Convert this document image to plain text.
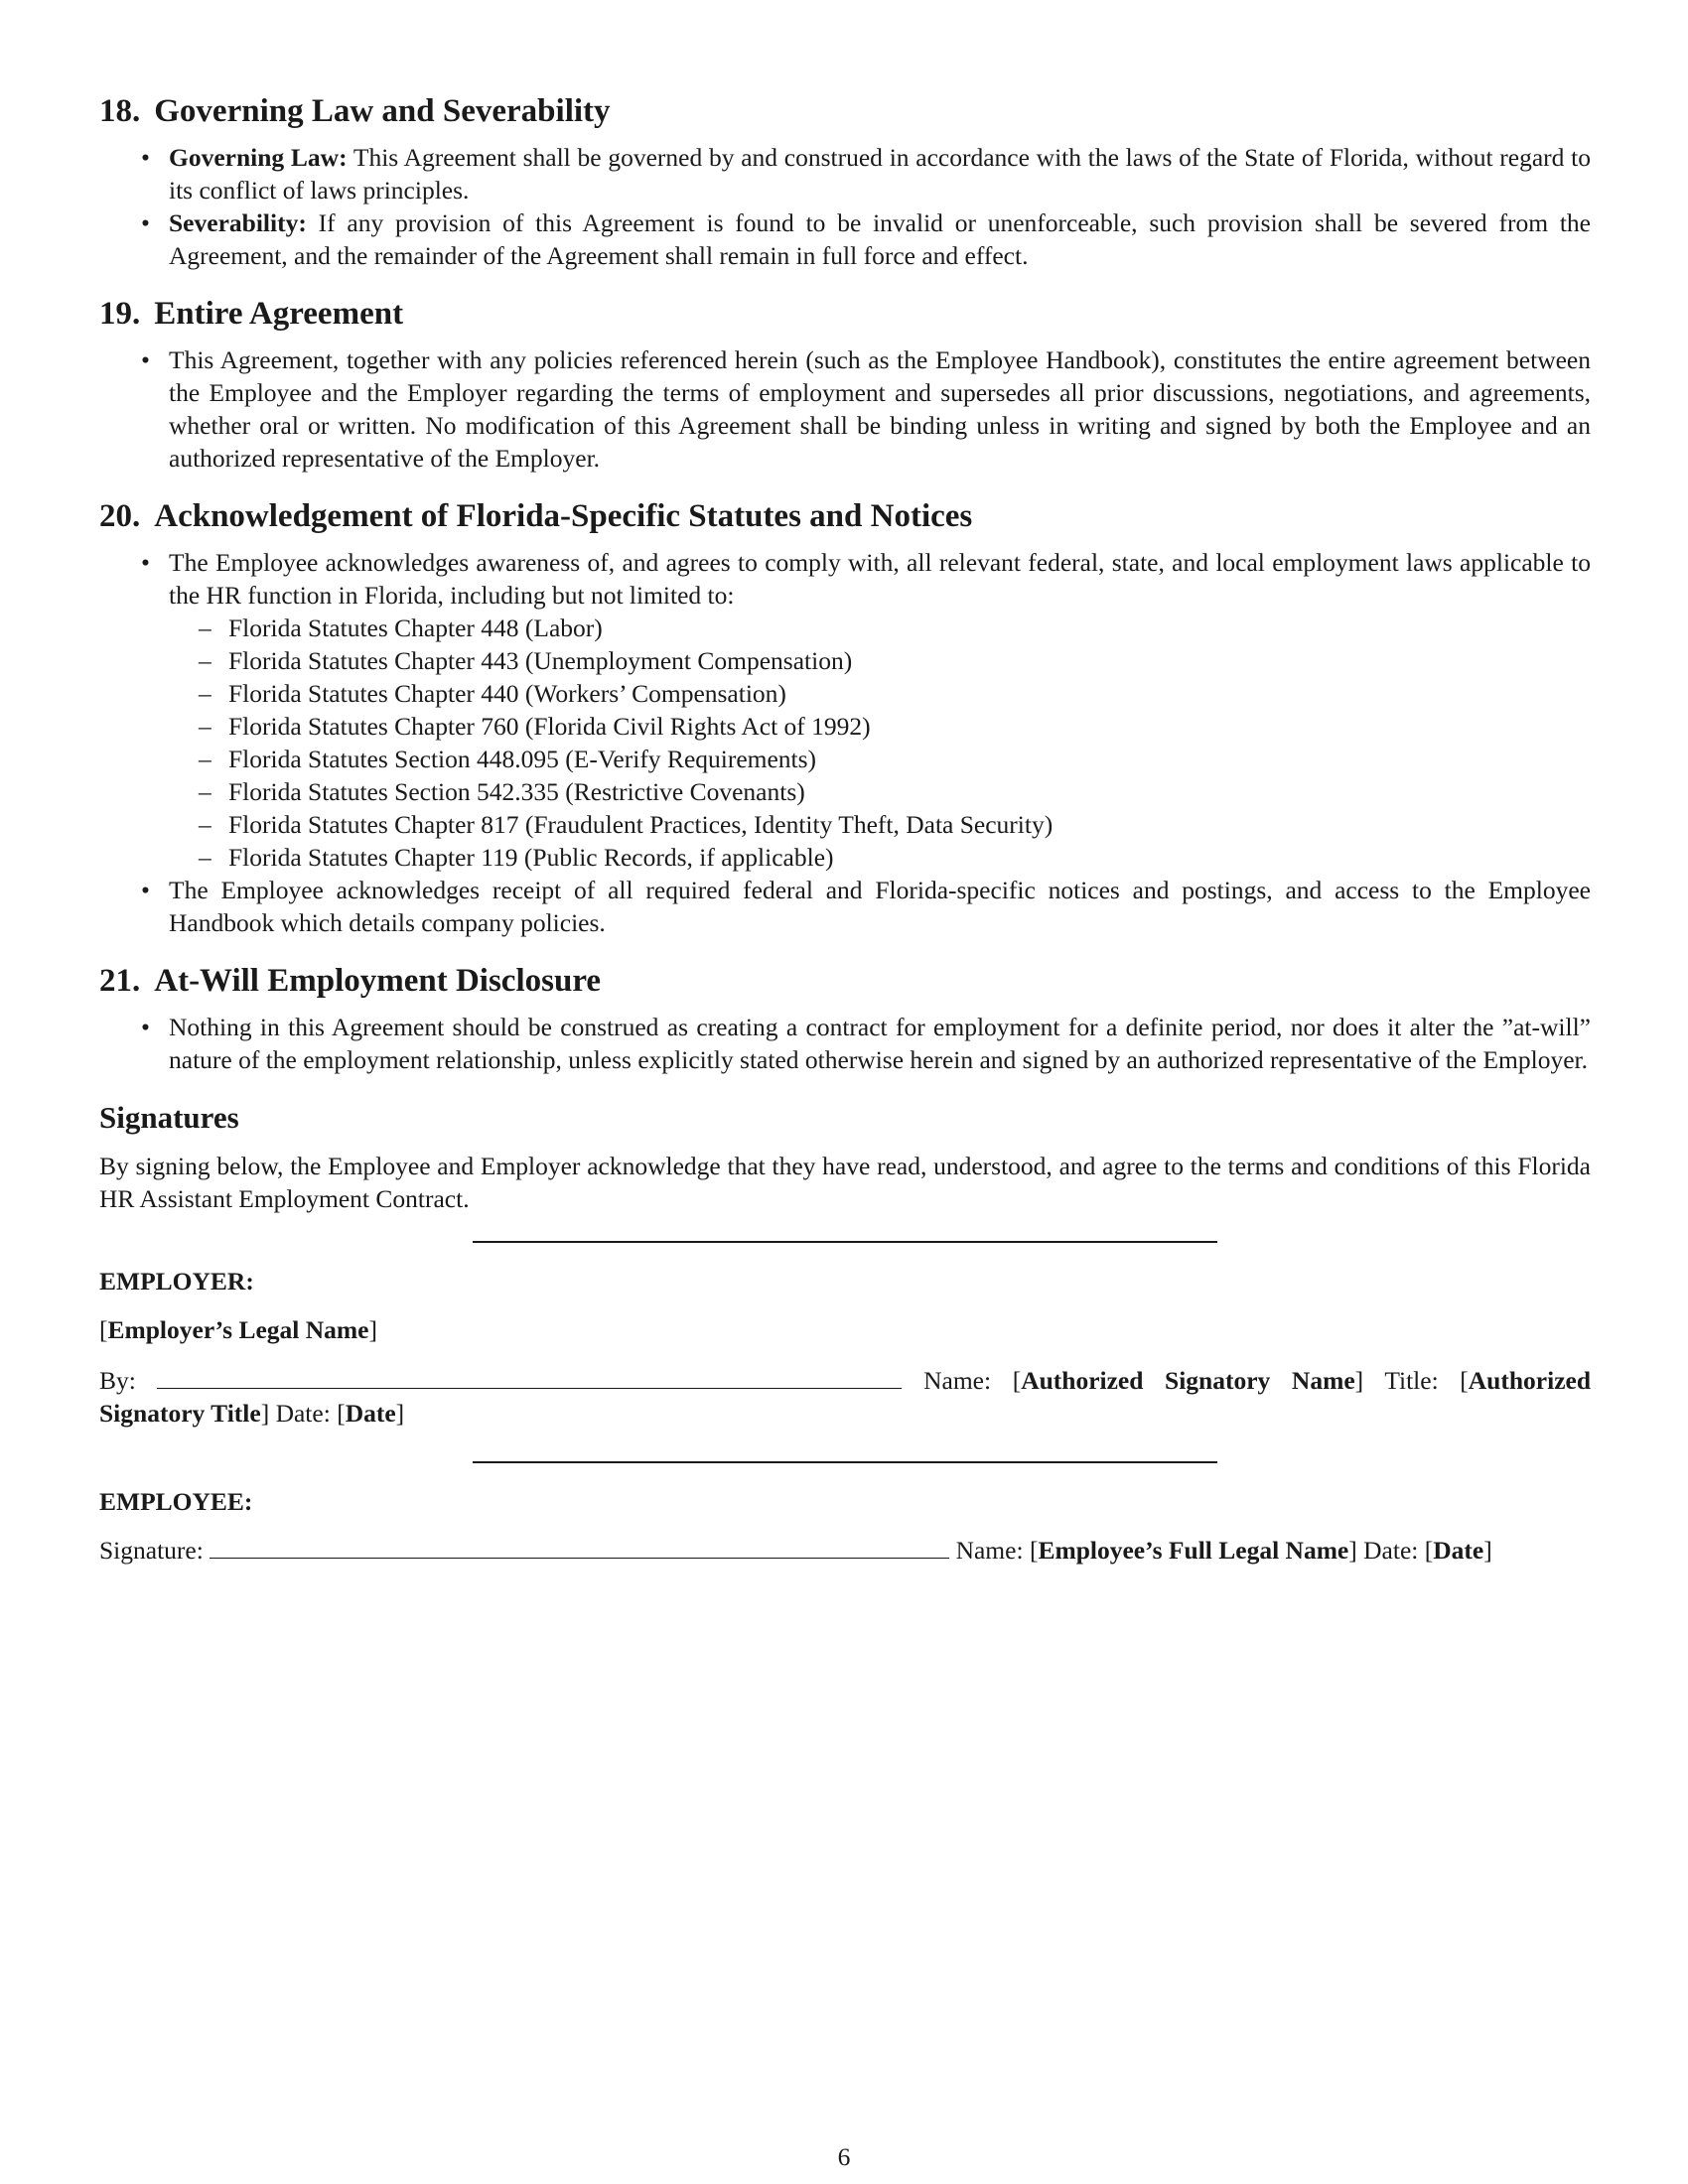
18. Governing Law and Severability
• Governing Law: This Agreement shall be governed by and construed in accordance with the laws of the State of Florida, without regard to its conflict of laws principles.
• Severability: If any provision of this Agreement is found to be invalid or unenforceable, such provision shall be severed from the Agreement, and the remainder of the Agreement shall remain in full force and effect.
19. Entire Agreement
• This Agreement, together with any policies referenced herein (such as the Employee Handbook), constitutes the entire agreement between the Employee and the Employer regarding the terms of employment and supersedes all prior discussions, negotiations, and agreements, whether oral or written. No modification of this Agreement shall be binding unless in writing and signed by both the Employee and an authorized representative of the Employer.
20. Acknowledgement of Florida-Specific Statutes and Notices
• The Employee acknowledges awareness of, and agrees to comply with, all relevant federal, state, and local employment laws applicable to the HR function in Florida, including but not limited to:
– Florida Statutes Chapter 448 (Labor)
– Florida Statutes Chapter 443 (Unemployment Compensation)
– Florida Statutes Chapter 440 (Workers’ Compensation)
– Florida Statutes Chapter 760 (Florida Civil Rights Act of 1992)
– Florida Statutes Section 448.095 (E-Verify Requirements)
– Florida Statutes Section 542.335 (Restrictive Covenants)
– Florida Statutes Chapter 817 (Fraudulent Practices, Identity Theft, Data Security)
– Florida Statutes Chapter 119 (Public Records, if applicable)
• The Employee acknowledges receipt of all required federal and Florida-specific notices and postings, and access to the Employee Handbook which details company policies.
21. At-Will Employment Disclosure
• Nothing in this Agreement should be construed as creating a contract for employment for a definite period, nor does it alter the ”at-will” nature of the employment relationship, unless explicitly stated otherwise herein and signed by an authorized representative of the Employer.
Signatures
By signing below, the Employee and Employer acknowledge that they have read, understood, and agree to the terms and conditions of this Florida HR Assistant Employment Contract.
EMPLOYER:
[Employer’s Legal Name]
By:	Name: [Authorized Signatory Name] Title: [Authorized Signatory Title] Date: [Date]
EMPLOYEE:
Signature:	Name: [Employee’s Full Legal Name] Date: [Date]
6
